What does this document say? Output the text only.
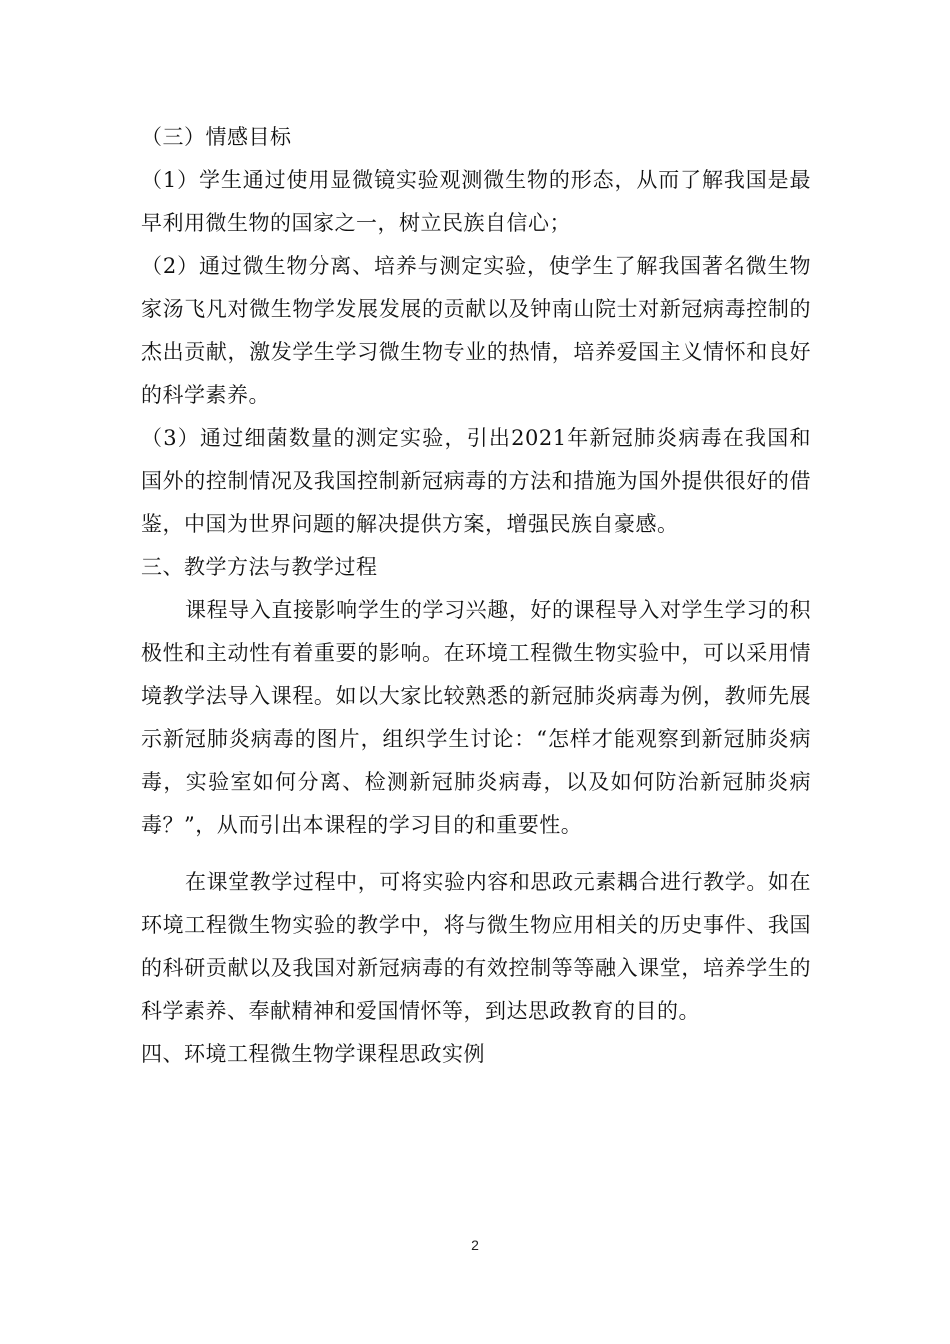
（三）情感目标

（1）学生通过使用显微镜实验观测微生物的形态，从而了解我国是最早利用微生物的国家之一，树立民族自信心；

（2）通过微生物分离、培养与测定实验，使学生了解我国著名微生物家汤飞凡对微生物学发展发展的贡献以及钟南山院士对新冠病毒控制的杰出贡献，激发学生学习微生物专业的热情，培养爱国主义情怀和良好的科学素养。

（3）通过细菌数量的测定实验，引出2021年新冠肺炎病毒在我国和国外的控制情况及我国控制新冠病毒的方法和措施为国外提供很好的借鉴，中国为世界问题的解决提供方案，增强民族自豪感。

三、教学方法与教学过程

课程导入直接影响学生的学习兴趣，好的课程导入对学生学习的积极性和主动性有着重要的影响。在环境工程微生物实验中，可以采用情境教学法导入课程。如以大家比较熟悉的新冠肺炎病毒为例，教师先展示新冠肺炎病毒的图片，组织学生讨论：“怎样才能观察到新冠肺炎病毒，实验室如何分离、检测新冠肺炎病毒，以及如何防治新冠肺炎病毒？”，从而引出本课程的学习目的和重要性。

在课堂教学过程中，可将实验内容和思政元素耦合进行教学。如在环境工程微生物实验的教学中，将与微生物应用相关的历史事件、我国的科研贡献以及我国对新冠病毒的有效控制等等融入课堂，培养学生的科学素养、奉献精神和爱国情怀等，到达思政教育的目的。

四、环境工程微生物学课程思政实例
2
